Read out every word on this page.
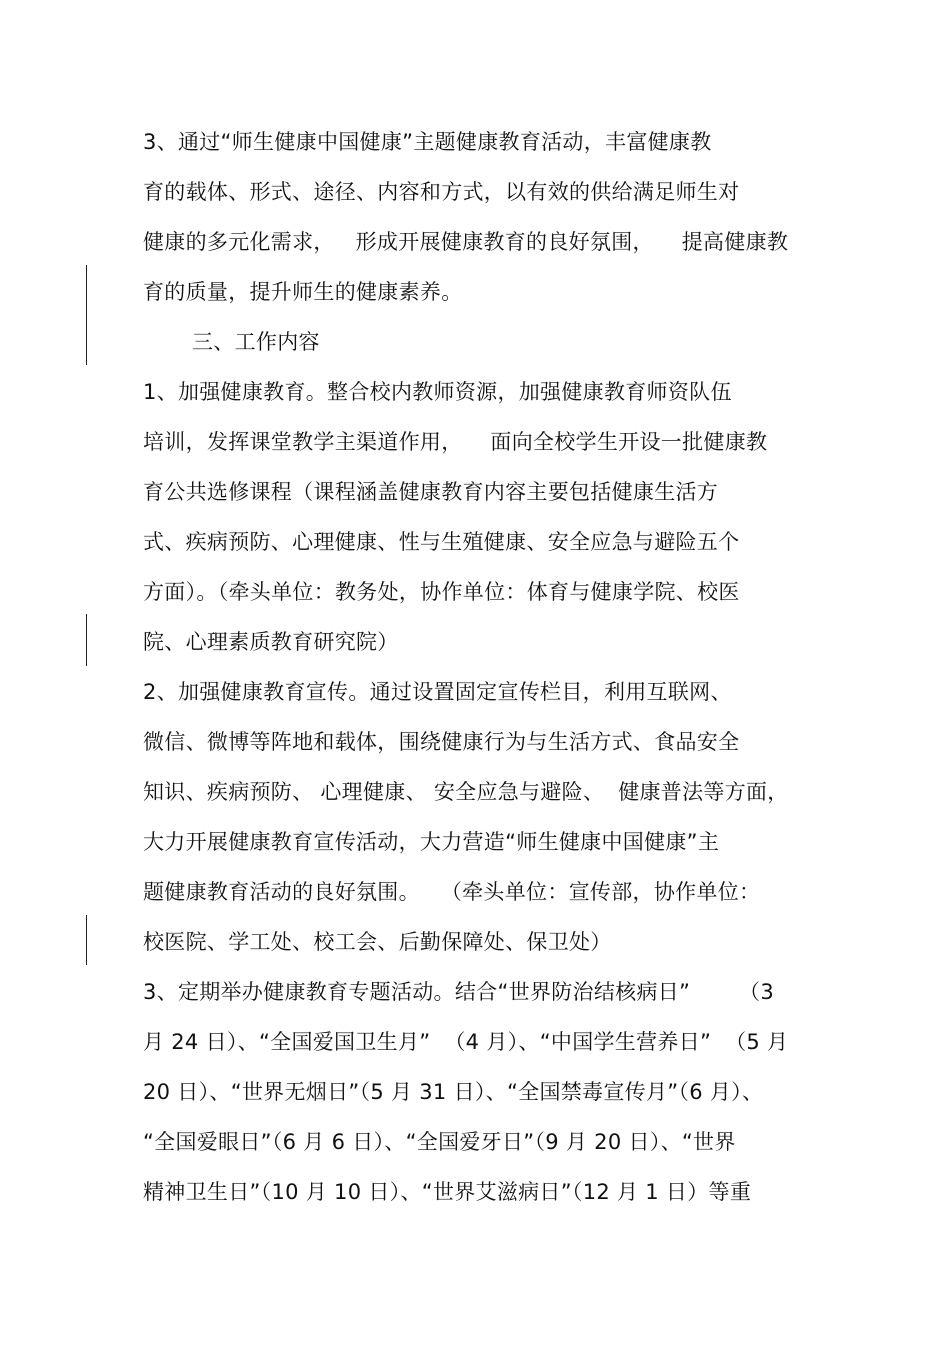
3、通过“师生健康中国健康”主题健康教育活动，丰富健康教
育的载体、形式、途径、内容和方式，以有效的供给满足师生对
健康的多元化需求，   形成开展健康教育的良好氛围，    提高健康教
育的质量，提升师生的健康素养。
三、工作内容
1、加强健康教育。整合校内教师资源，加强健康教育师资队伍
培训，发挥课堂教学主渠道作用，    面向全校学生开设一批健康教
育公共选修课程（课程涵盖健康教育内容主要包括健康生活方
式、疾病预防、心理健康、性与生殖健康、安全应急与避险五个
方面）。（牵头单位：教务处，协作单位：体育与健康学院、校医
院、心理素质教育研究院）
2、加强健康教育宣传。通过设置固定宣传栏目，利用互联网、
微信、微博等阵地和载体，围绕健康行为与生活方式、食品安全
知识、疾病预防、 心理健康、 安全应急与避险、  健康普法等方面，
大力开展健康教育宣传活动，大力营造“师生健康中国健康”主
题健康教育活动的良好氛围。   （牵头单位：宣传部，协作单位：
校医院、学工处、校工会、后勤保障处、保卫处）
3、定期举办健康教育专题活动。结合“世界防治结核病日”       （3
月 24 日）、“全国爱国卫生月”  （4 月）、“中国学生营养日”  （5 月
20 日）、“世界无烟日”（5 月 31 日）、“全国禁毒宣传月”（6 月）、
“全国爱眼日”（6 月 6 日）、“全国爱牙日”（9 月 20 日）、“世界
精神卫生日”（10 月 10 日）、“世界艾滋病日”（12 月 1 日）等重
